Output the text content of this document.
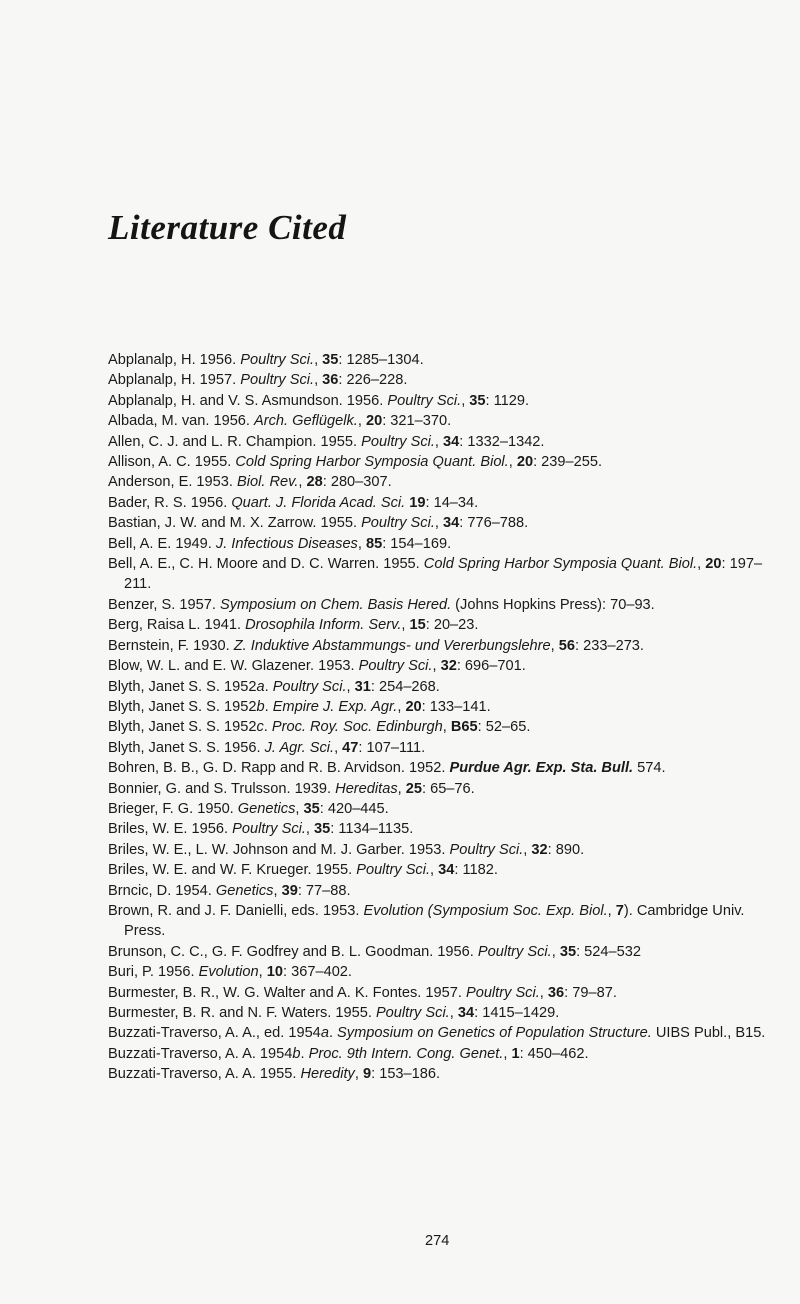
Literature Cited

Abplanalp, H. 1956. Poultry Sci., 35: 1285–1304.

Abplanalp, H. 1957. Poultry Sci., 36: 226–228.

Abplanalp, H. and V. S. Asmundson. 1956. Poultry Sci., 35: 1129.

Albada, M. van. 1956. Arch. Geflügelk., 20: 321–370.

Allen, C. J. and L. R. Champion. 1955. Poultry Sci., 34: 1332–1342.

Allison, A. C. 1955. Cold Spring Harbor Symposia Quant. Biol., 20: 239–255.

Anderson, E. 1953. Biol. Rev., 28: 280–307.

Bader, R. S. 1956. Quart. J. Florida Acad. Sci. 19: 14–34.

Bastian, J. W. and M. X. Zarrow. 1955. Poultry Sci., 34: 776–788.

Bell, A. E. 1949. J. Infectious Diseases, 85: 154–169.

Bell, A. E., C. H. Moore and D. C. Warren. 1955. Cold Spring Harbor Symposia Quant. Biol., 20: 197–211.

Benzer, S. 1957. Symposium on Chem. Basis Hered. (Johns Hopkins Press): 70–93.

Berg, Raisa L. 1941. Drosophila Inform. Serv., 15: 20–23.

Bernstein, F. 1930. Z. Induktive Abstammungs- und Vererbungslehre, 56: 233–273.

Blow, W. L. and E. W. Glazener. 1953. Poultry Sci., 32: 696–701.

Blyth, Janet S. S. 1952a. Poultry Sci., 31: 254–268.

Blyth, Janet S. S. 1952b. Empire J. Exp. Agr., 20: 133–141.

Blyth, Janet S. S. 1952c. Proc. Roy. Soc. Edinburgh, B65: 52–65.

Blyth, Janet S. S. 1956. J. Agr. Sci., 47: 107–111.

Bohren, B. B., G. D. Rapp and R. B. Arvidson. 1952. Purdue Agr. Exp. Sta. Bull. 574.

Bonnier, G. and S. Trulsson. 1939. Hereditas, 25: 65–76.

Brieger, F. G. 1950. Genetics, 35: 420–445.

Briles, W. E. 1956. Poultry Sci., 35: 1134–1135.

Briles, W. E., L. W. Johnson and M. J. Garber. 1953. Poultry Sci., 32: 890.

Briles, W. E. and W. F. Krueger. 1955. Poultry Sci., 34: 1182.

Brncic, D. 1954. Genetics, 39: 77–88.

Brown, R. and J. F. Danielli, eds. 1953. Evolution (Symposium Soc. Exp. Biol., 7). Cambridge Univ. Press.

Brunson, C. C., G. F. Godfrey and B. L. Goodman. 1956. Poultry Sci., 35: 524–532

Buri, P. 1956. Evolution, 10: 367–402.

Burmester, B. R., W. G. Walter and A. K. Fontes. 1957. Poultry Sci., 36: 79–87.

Burmester, B. R. and N. F. Waters. 1955. Poultry Sci., 34: 1415–1429.

Buzzati-Traverso, A. A., ed. 1954a. Symposium on Genetics of Population Structure. UIBS Publ., B15.

Buzzati-Traverso, A. A. 1954b. Proc. 9th Intern. Cong. Genet., 1: 450–462.

Buzzati-Traverso, A. A. 1955. Heredity, 9: 153–186.

274
